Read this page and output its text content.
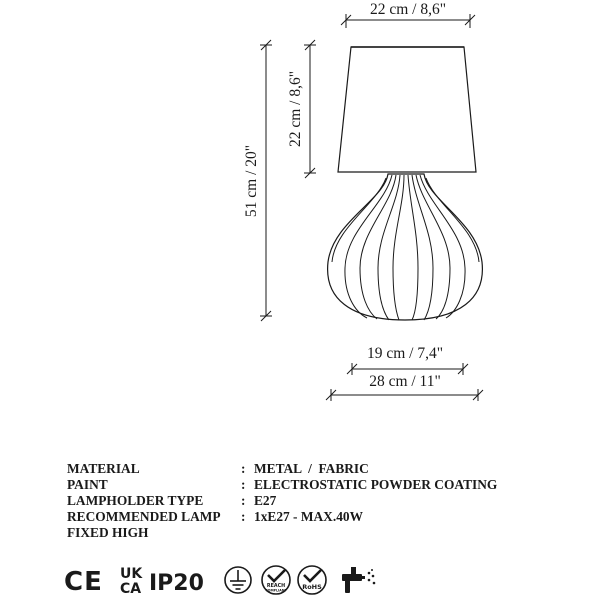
22 cm / 8,6"
22 cm / 8,6"
51 cm / 20"
19 cm / 7,4"
28 cm / 11"
MATERIAL	: METAL  /  FABRIC
PAINT	: ELECTROSTATIC POWDER COATING
LAMPHOLDER TYPE	: E27
RECOMMENDED LAMP	: 1xE27 - MAX.40W
FIXED HIGH
CE UK
CA IP20	REACH
COMPLIANT RoHS
